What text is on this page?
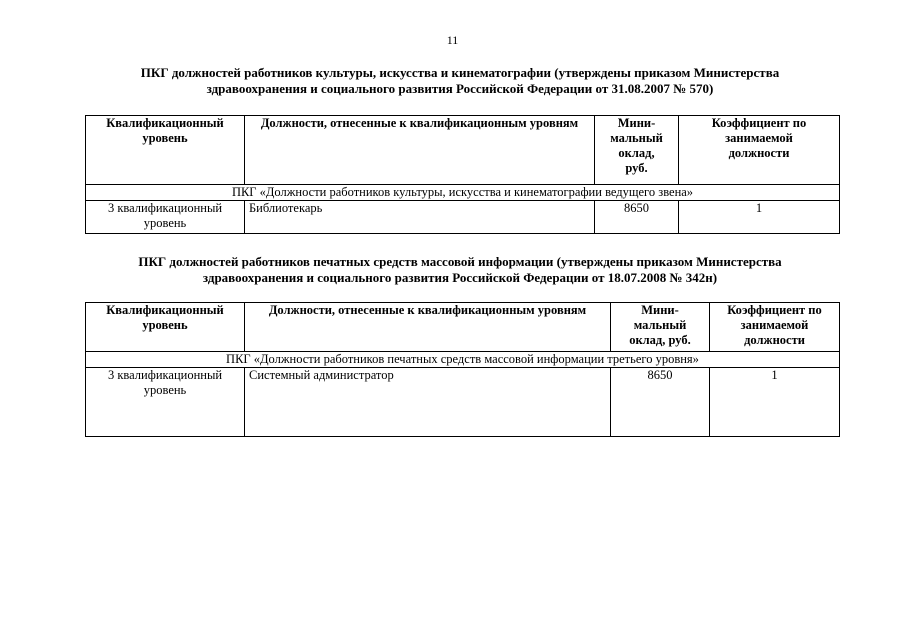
11
ПКГ должностей работников культуры, искусства и кинематографии (утверждены приказом Министерства
здравоохранения и социального развития Российской Федерации от 31.08.2007 № 570)
Квалификационный уровень	Должности, отнесенные к квалификационным уровням	Мини-мальный оклад, руб.	Коэффициент по занимаемой должности
ПКГ «Должности работников культуры, искусства и кинематографии ведущего звена»			
3 квалификационный уровень	Библиотекарь	8650	1
ПКГ должностей работников печатных средств массовой информации (утверждены приказом Министерства
здравоохранения и социального развития Российской Федерации от 18.07.2008 № 342н)
Квалификационный уровень	Должности, отнесенные к квалификационным уровням	Мини-мальный оклад, руб.	Коэффициент по занимаемой должности
ПКГ «Должности работников печатных средств массовой информации третьего уровня»			
3 квалификационный уровень	Системный администратор	8650	1
